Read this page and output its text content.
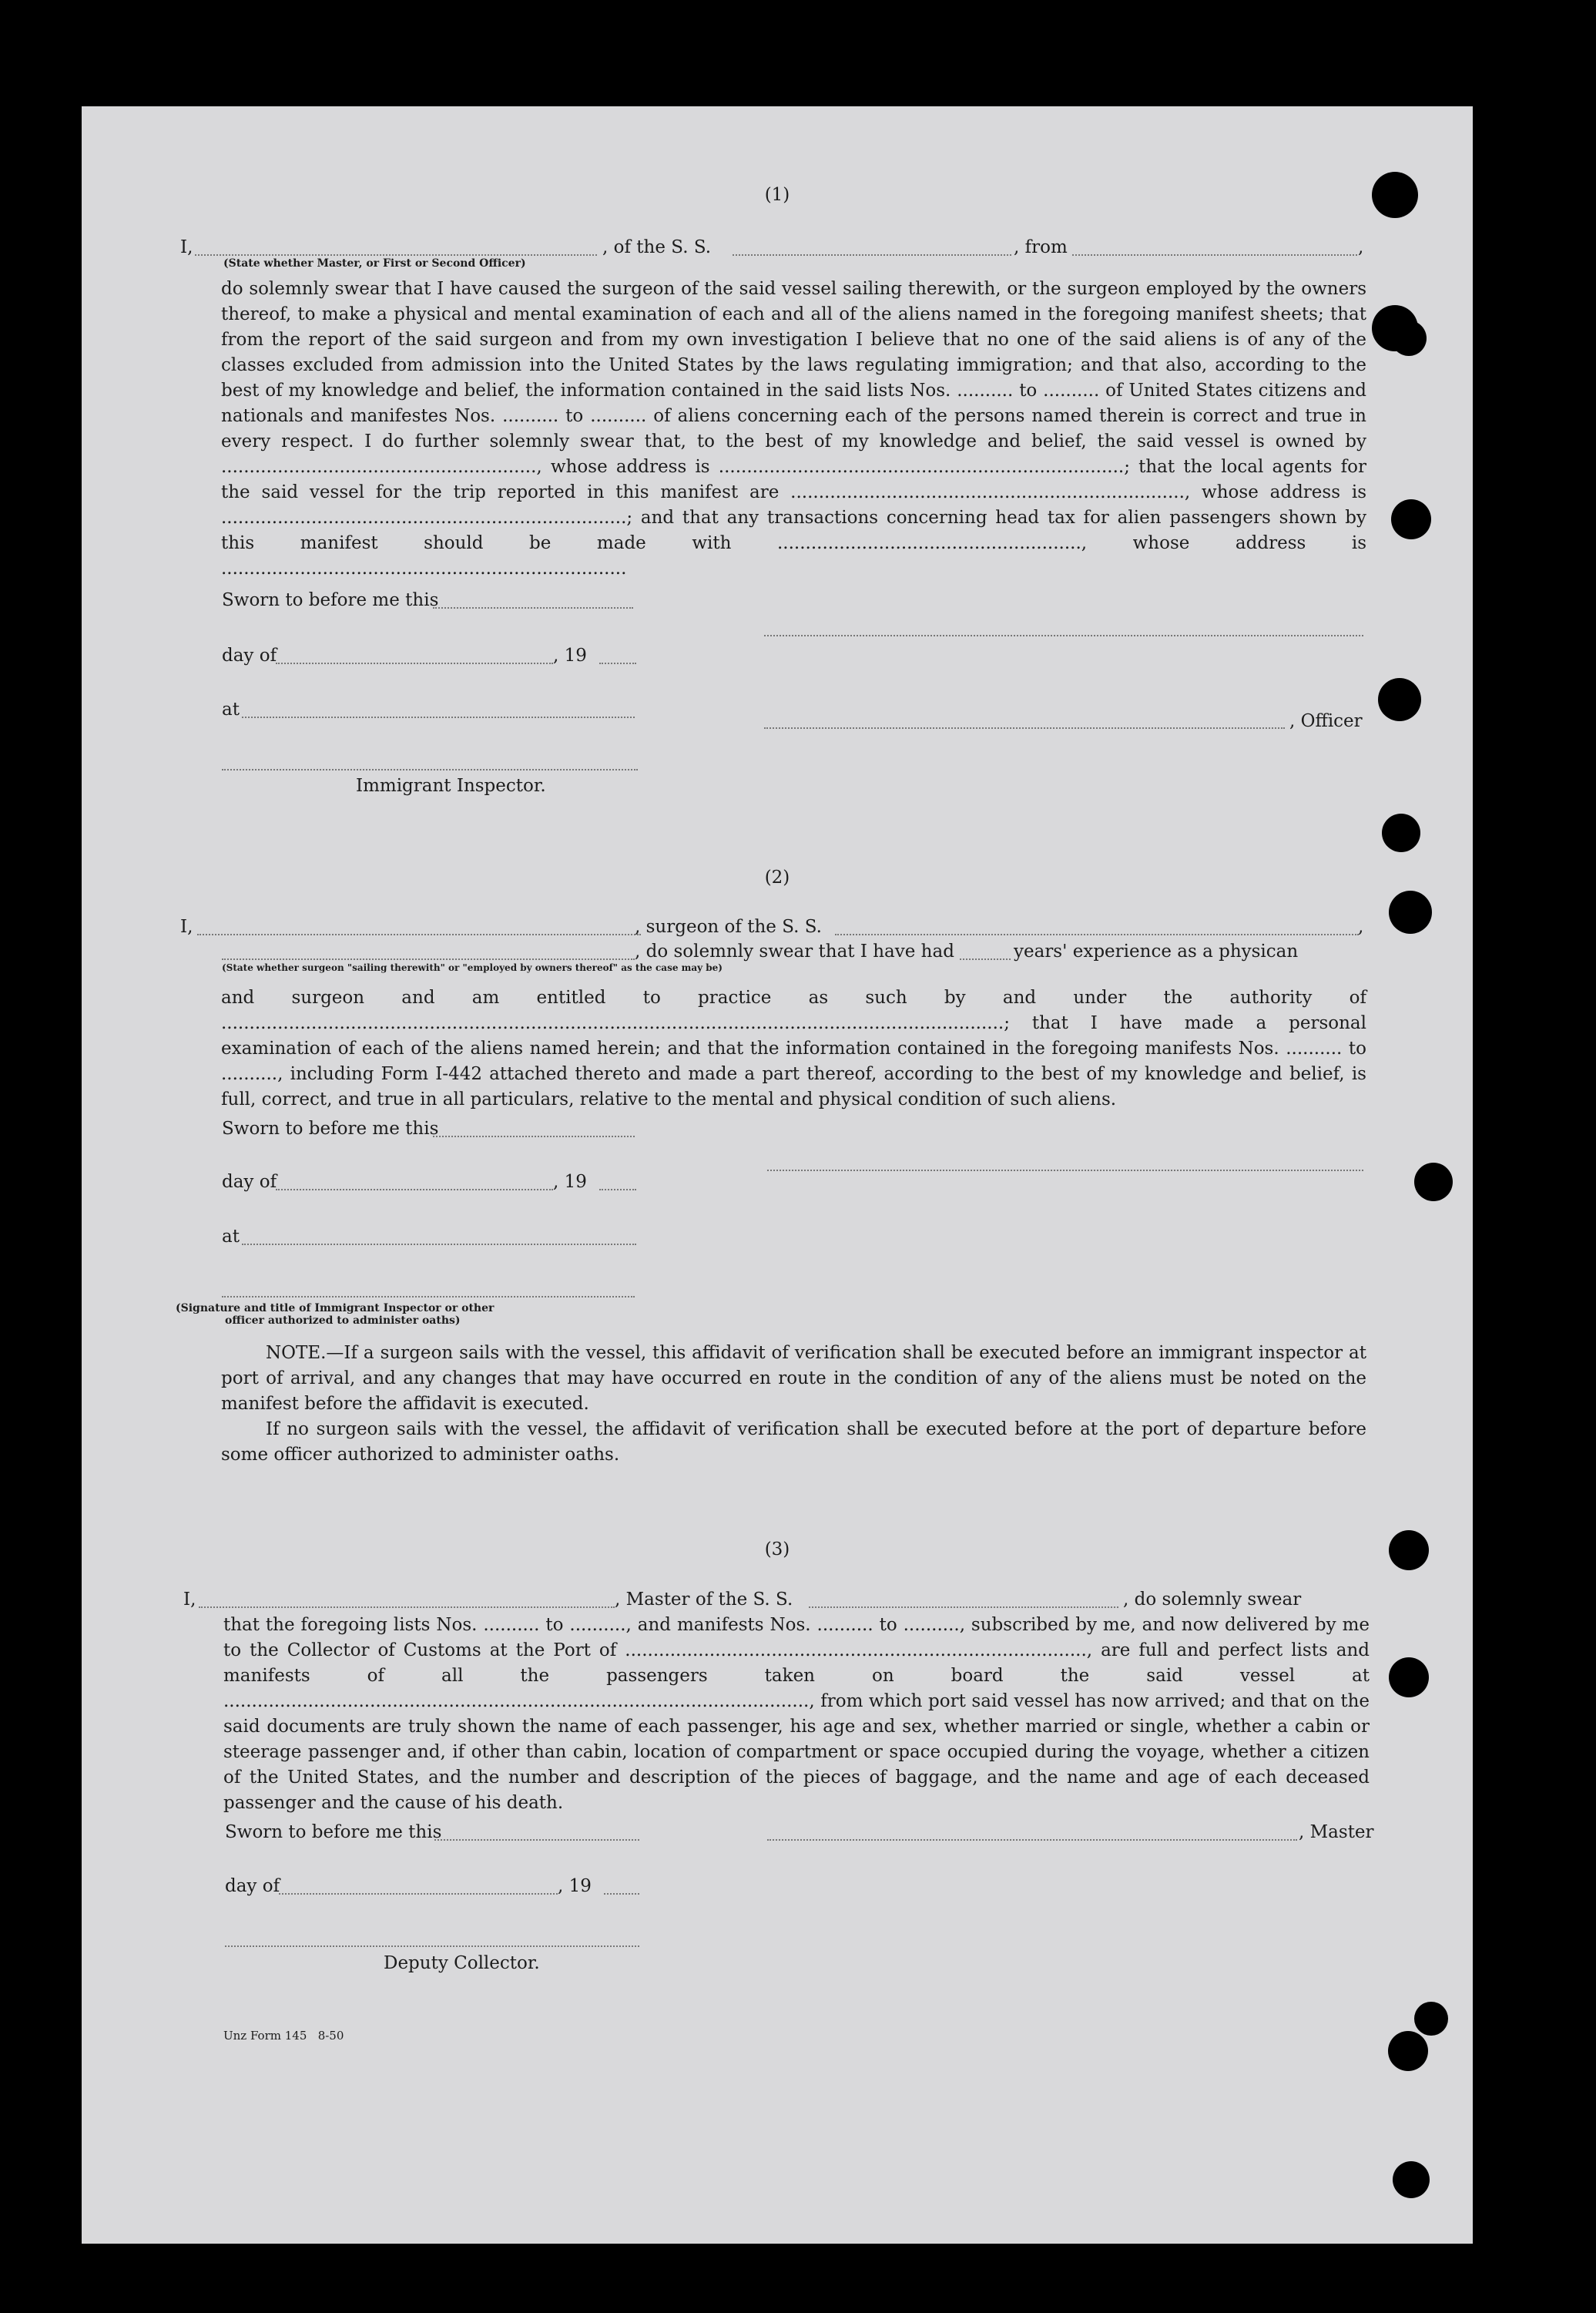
(1)
I,	, of the S. S.	, from	,
(State whether Master, or First or Second Officer)
do solemnly swear that I have caused the surgeon of the said vessel sailing therewith, or the surgeon employed by the owners thereof, to make a physical and mental examination of each and all of the aliens named in the foregoing manifest sheets; that from the report of the said surgeon and from my own investigation I believe that no one of the said aliens is of any of the classes excluded from admission into the United States by the laws regulating immigration; and that also, according to the best of my knowledge and belief, the information contained in the said lists Nos. .......... to .......... of United States citizens and nationals and manifestes Nos. .......... to .......... of aliens concerning each of the persons named therein is correct and true in every respect. I do further solemnly swear that, to the best of my knowledge and belief, the said vessel is owned by ........................................................, whose address is ........................................................................; that the local agents for the said vessel for the trip reported in this manifest are ......................................................................, whose address is ........................................................................; and that any transactions concerning head tax for alien passengers shown by this manifest should be made with ......................................................, whose address is ........................................................................
Sworn to before me this
day of	, 19
at
, Officer
Immigrant Inspector.
(2)
I,	, surgeon of the S. S.	,
, do solemnly swear that I have had	years' experience as a physican
(State whether surgeon "sailing therewith" or "employed by owners thereof" as the case may be)
and surgeon and am entitled to practice as such by and under the authority of ...........................................................................................................................................; that I have made a personal examination of each of the aliens named herein; and that the information contained in the foregoing manifests Nos. .......... to .........., including Form I-442 attached thereto and made a part thereof, according to the best of my knowledge and belief, is full, correct, and true in all particulars, relative to the mental and physical condition of such aliens.
Sworn to before me this
day of	, 19
at
(Signature and title of Immigrant Inspector or other
officer authorized to administer oaths)
NOTE.—If a surgeon sails with the vessel, this affidavit of verification shall be executed before an immigrant inspector at port of arrival, and any changes that may have occurred en route in the condition of any of the aliens must be noted on the manifest before the affidavit is executed.
If no surgeon sails with the vessel, the affidavit of verification shall be executed before at the port of departure before some officer authorized to administer oaths.
(3)
I,	, Master of the S. S.	, do solemnly swear
that the foregoing lists Nos. .......... to .........., and manifests Nos. .......... to .........., subscribed by me, and now delivered by me to the Collector of Customs at the Port of .................................................................................., are full and perfect lists and manifests of all the passengers taken on board the said vessel at ........................................................................................................, from which port said vessel has now arrived; and that on the said documents are truly shown the name of each passenger, his age and sex, whether married or single, whether a cabin or steerage passenger and, if other than cabin, location of compartment or space occupied during the voyage, whether a citizen of the United States, and the number and description of the pieces of baggage, and the name and age of each deceased passenger and the cause of his death.
Sworn to before me this	, Master
day of	, 19
Deputy Collector.
Unz Form 145   8-50
